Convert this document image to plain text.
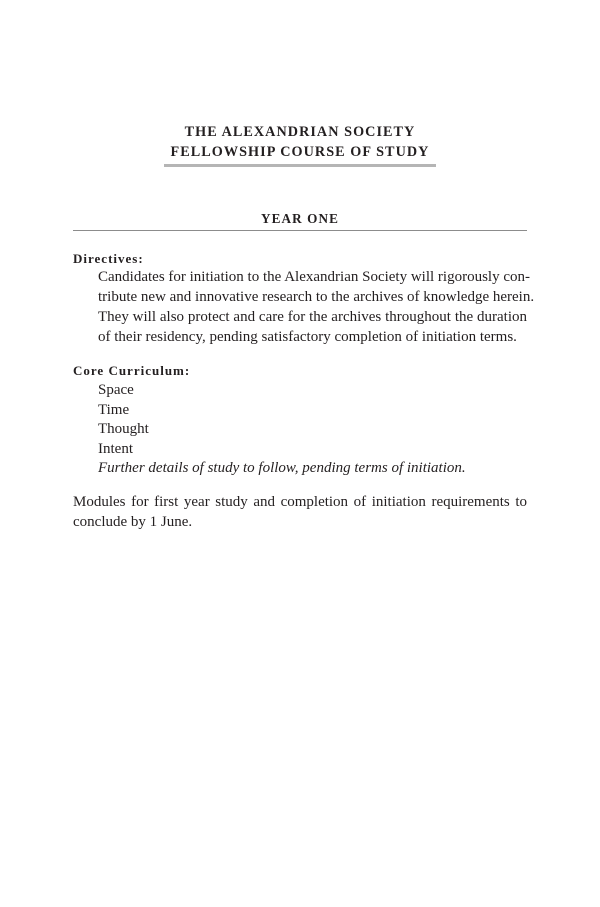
THE ALEXANDRIAN SOCIETY
FELLOWSHIP COURSE OF STUDY
YEAR ONE

Directives:

Candidates for initiation to the Alexandrian Society will rigorously con-
tribute new and innovative research to the archives of knowledge herein.
They will also protect and care for the archives throughout the duration
of their residency, pending satisfactory completion of initiation terms.

Core Curriculum:

Space
Time
Thought
Intent
Further details of study to follow, pending terms of initiation.
Modules for first year study and completion of initiation requirements to
conclude by 1 June.
